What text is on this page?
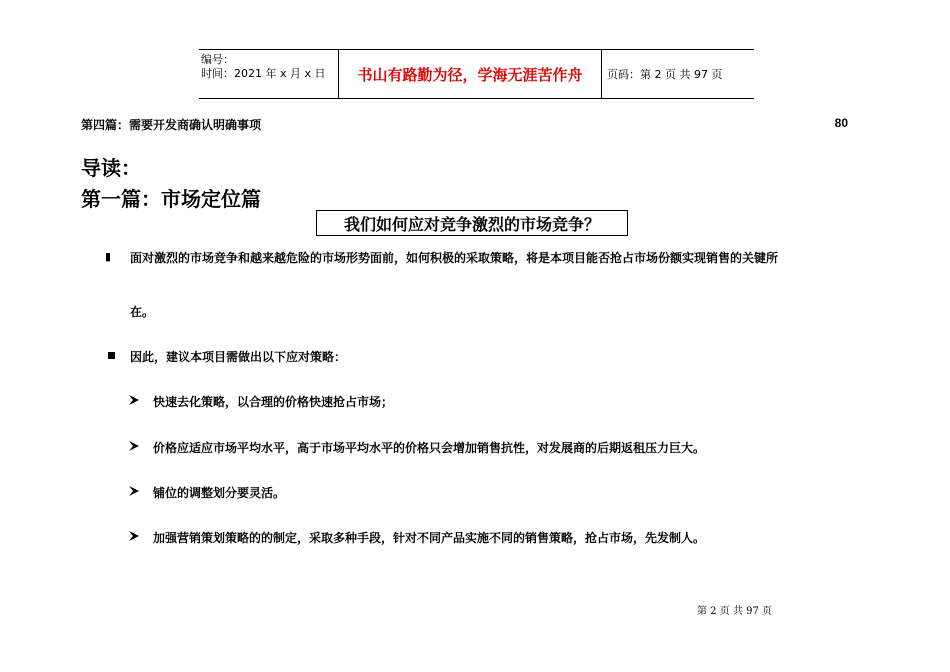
编号：
时间：2021 年 x 月 x 日	书山有路勤为径，学海无涯苦作舟	页码：第 2 页 共 97 页
第四篇：需要开发商确认明确事项	80
导读：
第一篇：市场定位篇
我们如何应对竞争激烈的市场竞争？
▮ 面对激烈的市场竞争和越来越危险的市场形势面前，如何积极的采取策略，将是本项目能否抢占市场份额实现销售的关键所
在。
因此，建议本项目需做出以下应对策略：
快速去化策略，以合理的价格快速抢占市场；
价格应适应市场平均水平，高于市场平均水平的价格只会增加销售抗性，对发展商的后期返租压力巨大。
铺位的调整划分要灵活。
加强营销策划策略的的制定，采取多种手段，针对不同产品实施不同的销售策略，抢占市场，先发制人。
第 2 页 共 97 页
